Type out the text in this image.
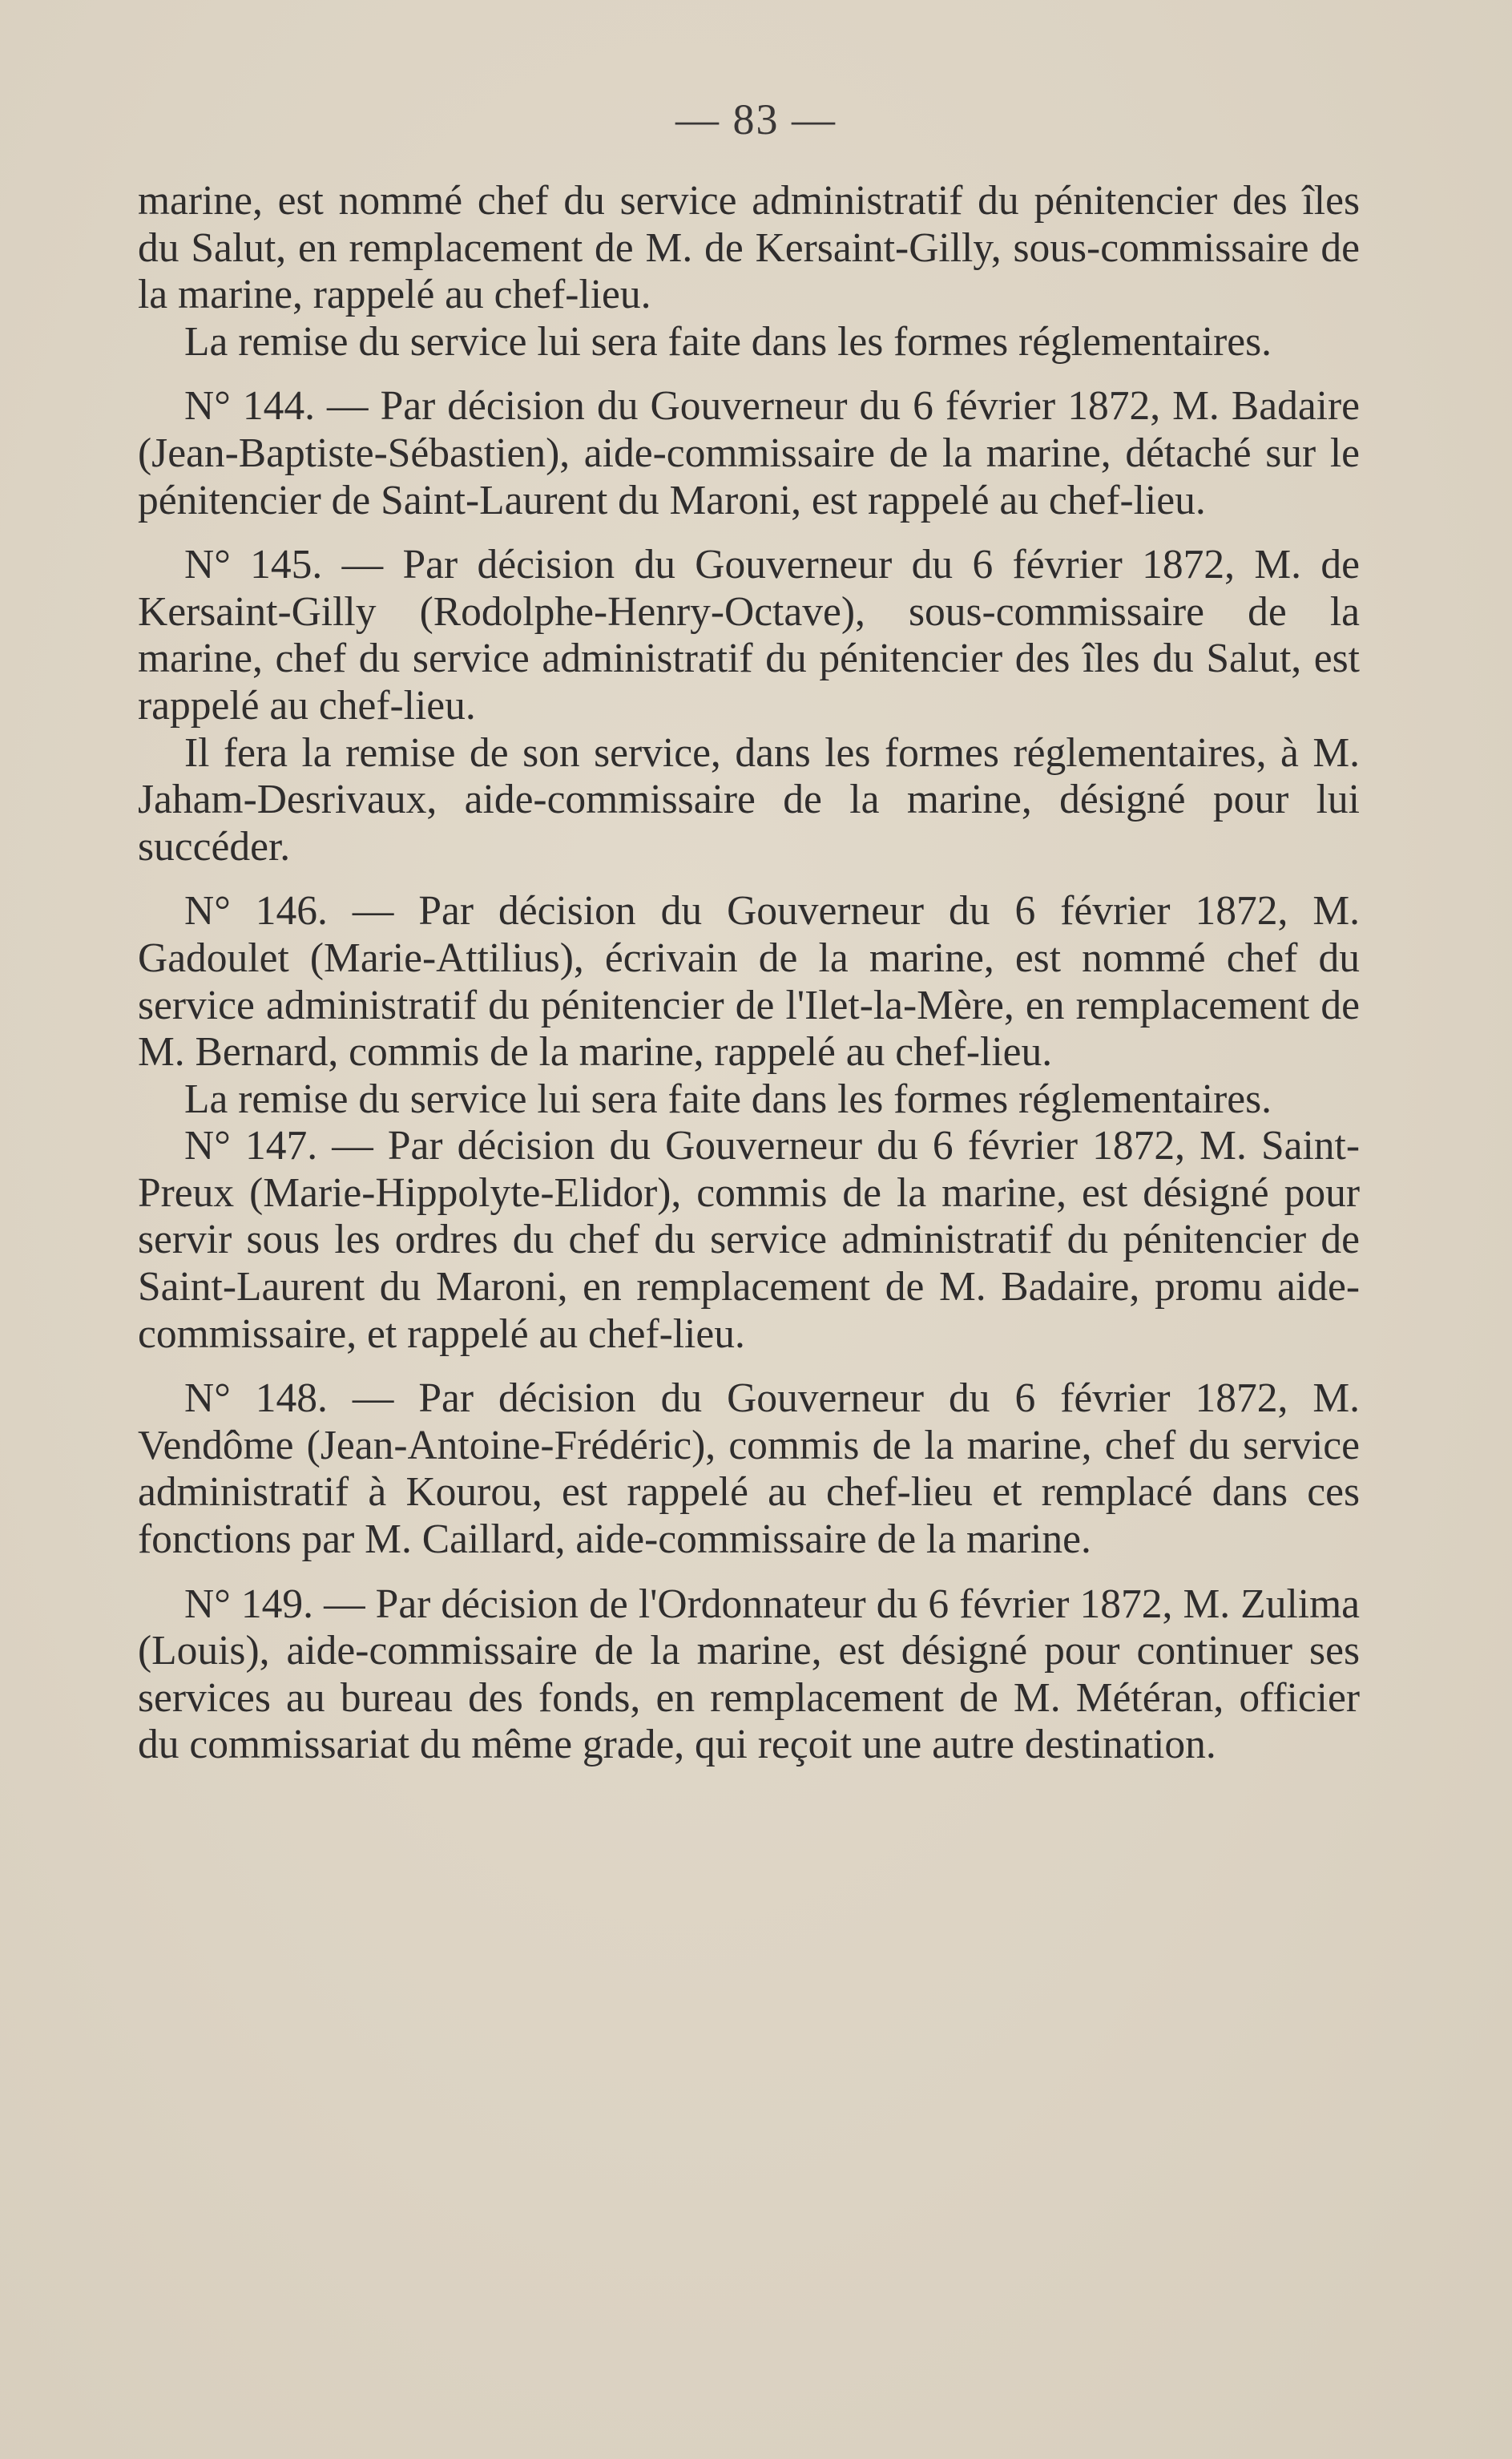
— 83 —

marine, est nommé chef du service administratif du pénitencier des îles du Salut, en remplacement de M. de Kersaint-Gilly, sous-commissaire de la marine, rappelé au chef-lieu.

La remise du service lui sera faite dans les formes réglementaires.

N° 144. — Par décision du Gouverneur du 6 février 1872, M. Badaire (Jean-Baptiste-Sébastien), aide-commissaire de la marine, détaché sur le pénitencier de Saint-Laurent du Maroni, est rappelé au chef-lieu.

N° 145. — Par décision du Gouverneur du 6 février 1872, M. de Kersaint-Gilly (Rodolphe-Henry-Octave), sous-commissaire de la marine, chef du service administratif du pénitencier des îles du Salut, est rappelé au chef-lieu.

Il fera la remise de son service, dans les formes réglementaires, à M. Jaham-Desrivaux, aide-commissaire de la marine, désigné pour lui succéder.

N° 146. — Par décision du Gouverneur du 6 février 1872, M. Gadoulet (Marie-Attilius), écrivain de la marine, est nommé chef du service administratif du pénitencier de l'Ilet-la-Mère, en remplacement de M. Bernard, commis de la marine, rappelé au chef-lieu.

La remise du service lui sera faite dans les formes réglementaires.

N° 147. — Par décision du Gouverneur du 6 février 1872, M. Saint-Preux (Marie-Hippolyte-Elidor), commis de la marine, est désigné pour servir sous les ordres du chef du service administratif du pénitencier de Saint-Laurent du Maroni, en remplacement de M. Badaire, promu aide-commissaire, et rappelé au chef-lieu.

N° 148. — Par décision du Gouverneur du 6 février 1872, M. Vendôme (Jean-Antoine-Frédéric), commis de la marine, chef du service administratif à Kourou, est rappelé au chef-lieu et remplacé dans ces fonctions par M. Caillard, aide-commissaire de la marine.

N° 149. — Par décision de l'Ordonnateur du 6 février 1872, M. Zulima (Louis), aide-commissaire de la marine, est désigné pour continuer ses services au bureau des fonds, en remplacement de M. Météran, officier du commissariat du même grade, qui reçoit une autre destination.
